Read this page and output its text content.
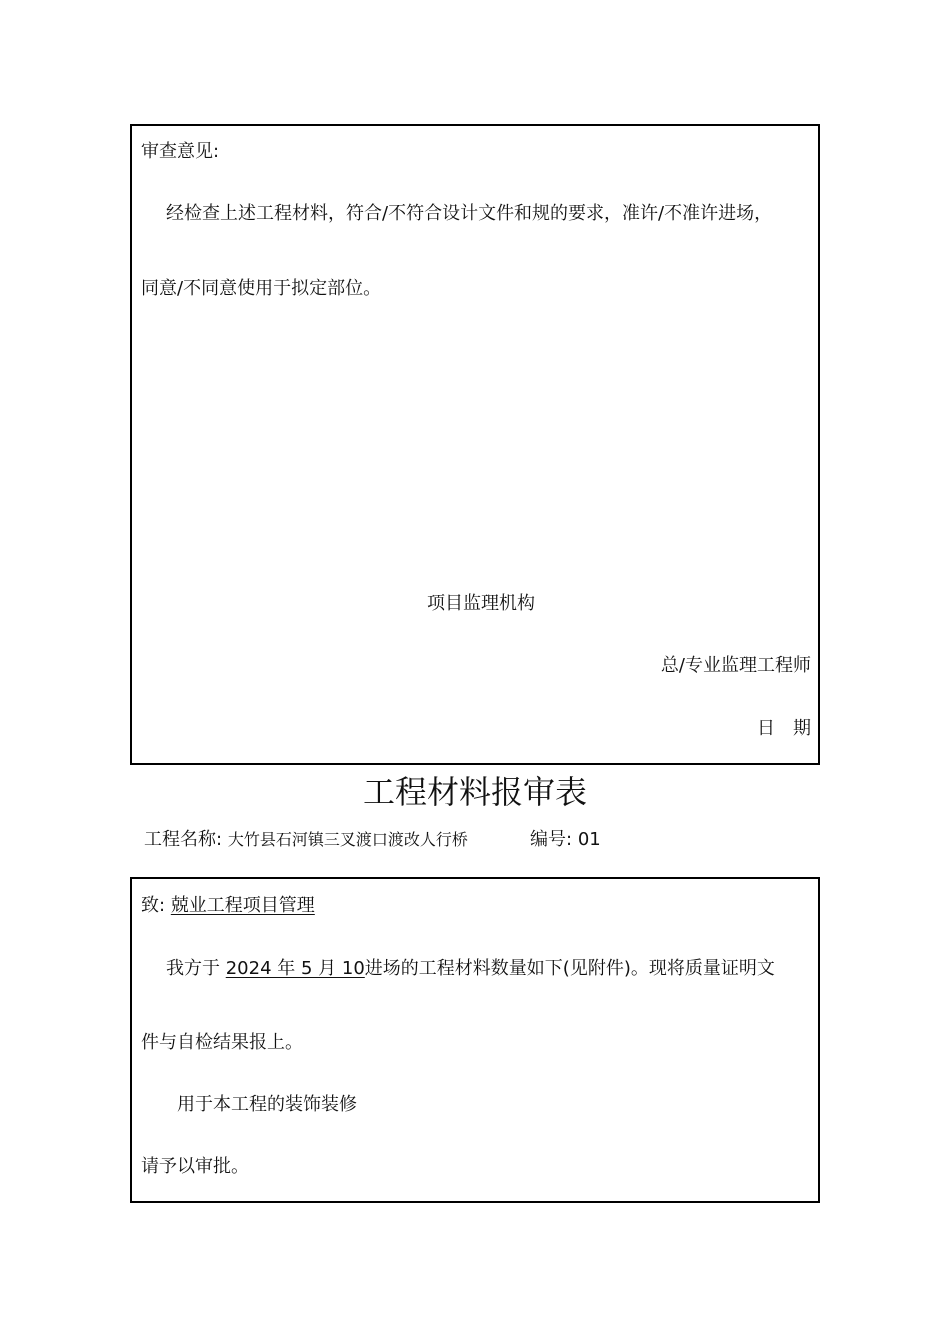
审查意见:
经检查上述工程材料，符合/不符合设计文件和规的要求，准许/不准许进场，
同意/不同意使用于拟定部位。
项目监理机构
总/专业监理工程师
日　期
工程材料报审表
工程名称: 大竹县石河镇三叉渡口渡改人行桥	编号: 01
致: 兢业工程项目管理
我方于 2024 年 5 月 10进场的工程材料数量如下(见附件)。现将质量证明文
件与自检结果报上。
用于本工程的装饰装修
请予以审批。
